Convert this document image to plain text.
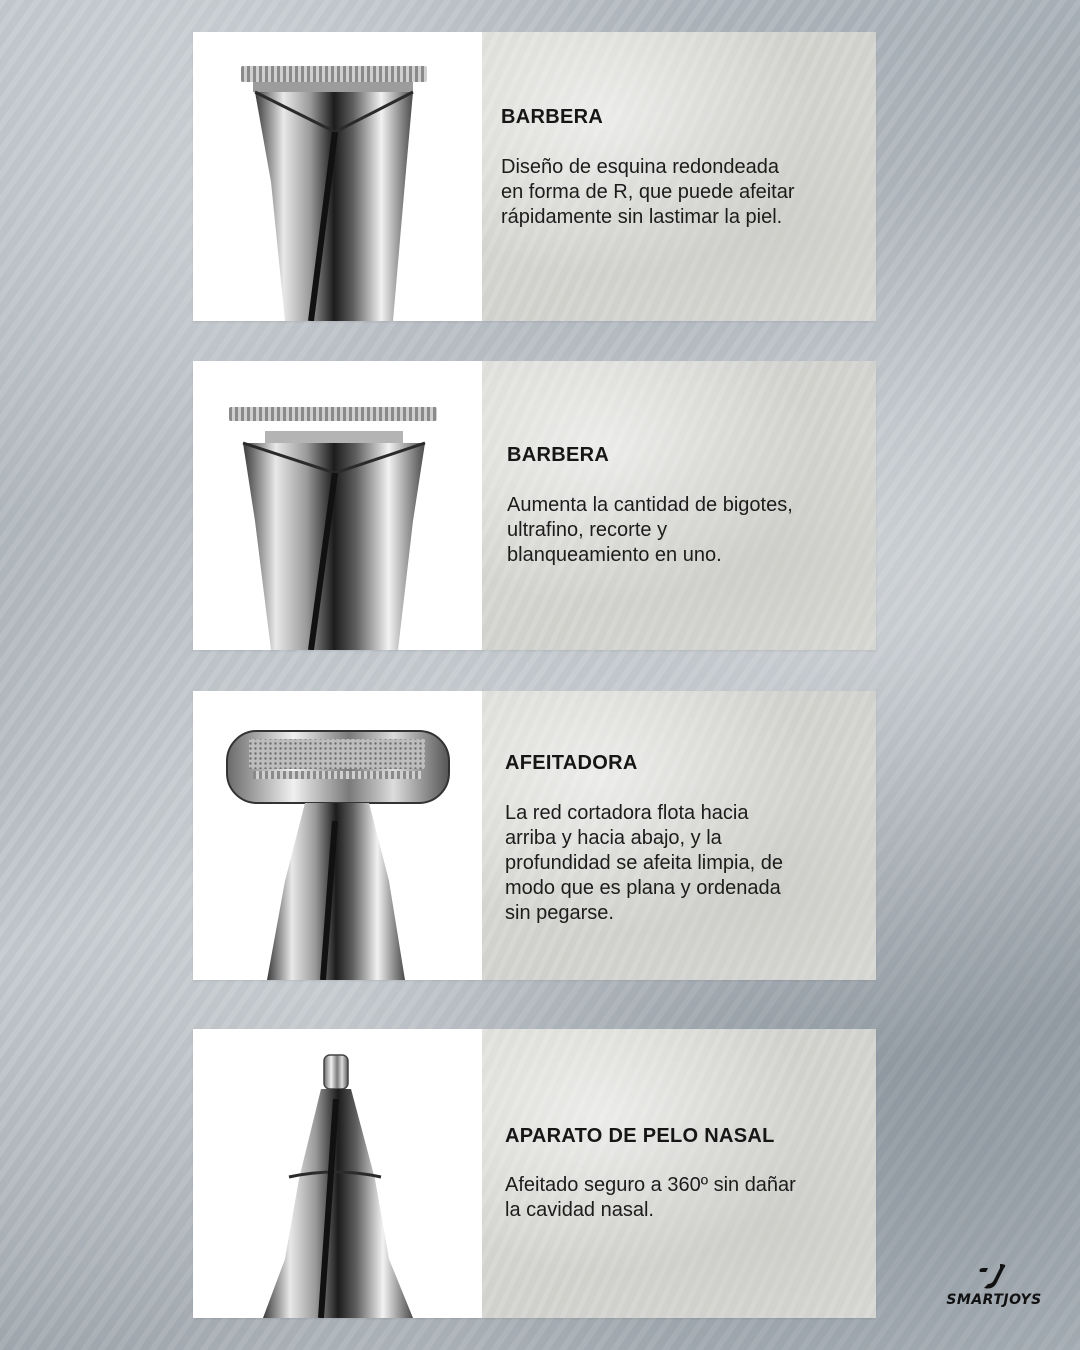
BARBERA

Diseño de esquina redondeada
en forma de R, que puede afeitar
rápidamente sin lastimar la piel.

BARBERA

Aumenta la cantidad de bigotes,
ultrafino, recorte y
blanqueamiento en uno.

AFEITADORA

La red cortadora flota hacia
arriba y hacia abajo, y la
profundidad se afeita limpia, de
modo que es plana y ordenada
sin pegarse.

APARATO DE PELO NASAL

Afeitado seguro a 360º sin dañar
la cavidad nasal.

SMARTJOYS
